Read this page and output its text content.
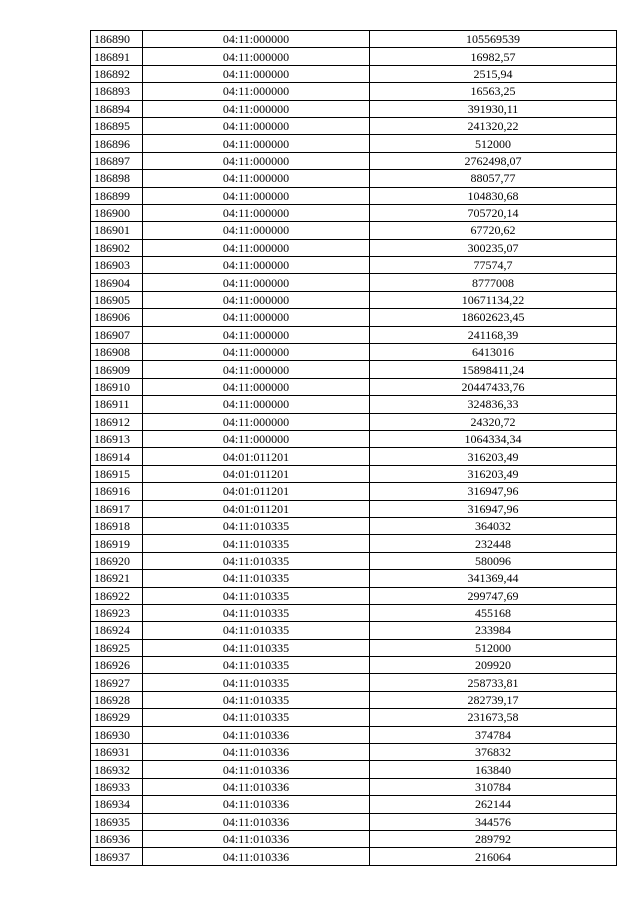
186890	04:11:000000	105569539
186891	04:11:000000	16982,57
186892	04:11:000000	2515,94
186893	04:11:000000	16563,25
186894	04:11:000000	391930,11
186895	04:11:000000	241320,22
186896	04:11:000000	512000
186897	04:11:000000	2762498,07
186898	04:11:000000	88057,77
186899	04:11:000000	104830,68
186900	04:11:000000	705720,14
186901	04:11:000000	67720,62
186902	04:11:000000	300235,07
186903	04:11:000000	77574,7
186904	04:11:000000	8777008
186905	04:11:000000	10671134,22
186906	04:11:000000	18602623,45
186907	04:11:000000	241168,39
186908	04:11:000000	6413016
186909	04:11:000000	15898411,24
186910	04:11:000000	20447433,76
186911	04:11:000000	324836,33
186912	04:11:000000	24320,72
186913	04:11:000000	1064334,34
186914	04:01:011201	316203,49
186915	04:01:011201	316203,49
186916	04:01:011201	316947,96
186917	04:01:011201	316947,96
186918	04:11:010335	364032
186919	04:11:010335	232448
186920	04:11:010335	580096
186921	04:11:010335	341369,44
186922	04:11:010335	299747,69
186923	04:11:010335	455168
186924	04:11:010335	233984
186925	04:11:010335	512000
186926	04:11:010335	209920
186927	04:11:010335	258733,81
186928	04:11:010335	282739,17
186929	04:11:010335	231673,58
186930	04:11:010336	374784
186931	04:11:010336	376832
186932	04:11:010336	163840
186933	04:11:010336	310784
186934	04:11:010336	262144
186935	04:11:010336	344576
186936	04:11:010336	289792
186937	04:11:010336	216064
